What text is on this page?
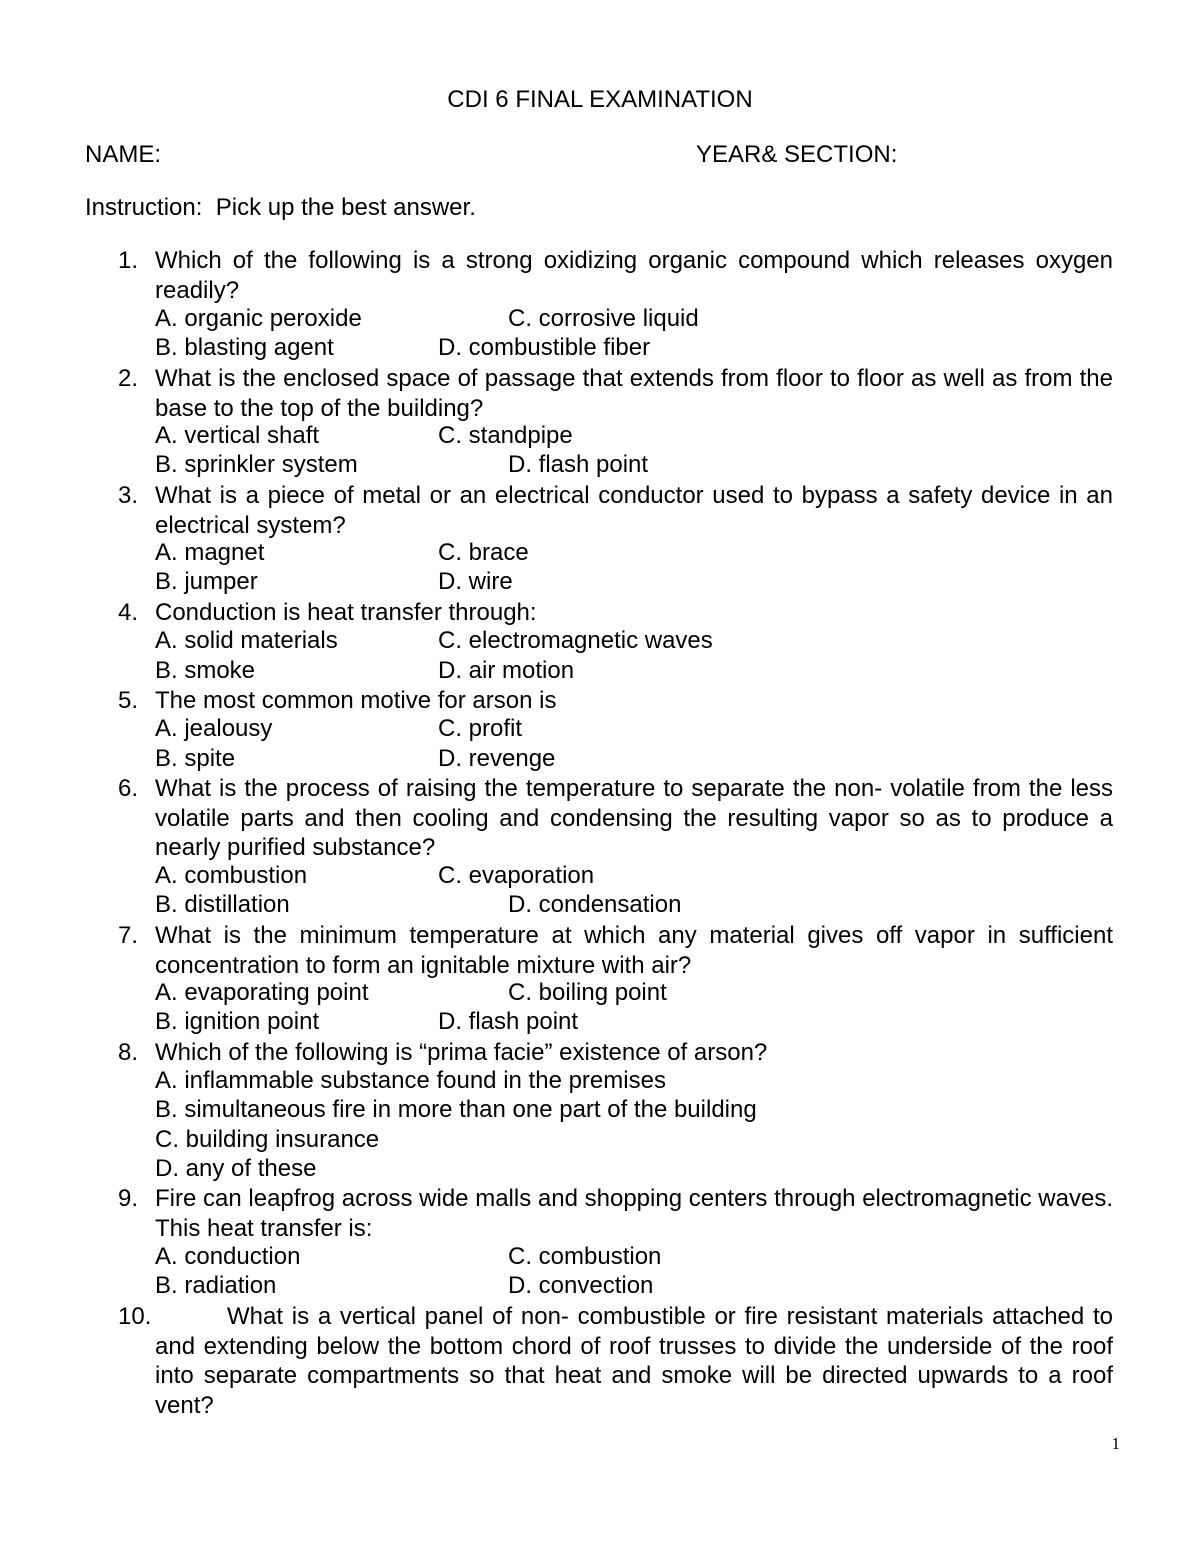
CDI 6 FINAL EXAMINATION
NAME:	YEAR& SECTION:
Instruction:  Pick up the best answer.
1. Which of the following is a strong oxidizing organic compound which releases oxygen readily?
A. organic peroxide	C. corrosive liquid
B. blasting agent	D. combustible fiber
2. What is the enclosed space of passage that extends from floor to floor as well as from the base to the top of the building?
A. vertical shaft	C. standpipe
B. sprinkler system	D. flash point
3. What is a piece of metal or an electrical conductor used to bypass a safety device in an electrical system?
A. magnet	C. brace
B. jumper	D. wire
4. Conduction is heat transfer through:
A. solid materials	C. electromagnetic waves
B. smoke	D. air motion
5. The most common motive for arson is
A. jealousy	C. profit
B. spite	D. revenge
6. What is the process of raising the temperature to separate the non- volatile from the less volatile parts and then cooling and condensing the resulting vapor so as to produce a nearly purified substance?
A. combustion	C. evaporation
B. distillation	D. condensation
7. What is the minimum temperature at which any material gives off vapor in sufficient concentration to form an ignitable mixture with air?
A. evaporating point	C. boiling point
B. ignition point	D. flash point
8. Which of the following is “prima facie” existence of arson?
A. inflammable substance found in the premises
B. simultaneous fire in more than one part of the building
C. building insurance
D. any of these
9. Fire can leapfrog across wide malls and shopping centers through electromagnetic waves. This heat transfer is:
A. conduction	C. combustion
B. radiation	D. convection
10.	What is a vertical panel of non- combustible or fire resistant materials attached to and extending below the bottom chord of roof trusses to divide the underside of the roof into separate compartments so that heat and smoke will be directed upwards to a roof vent?
1
